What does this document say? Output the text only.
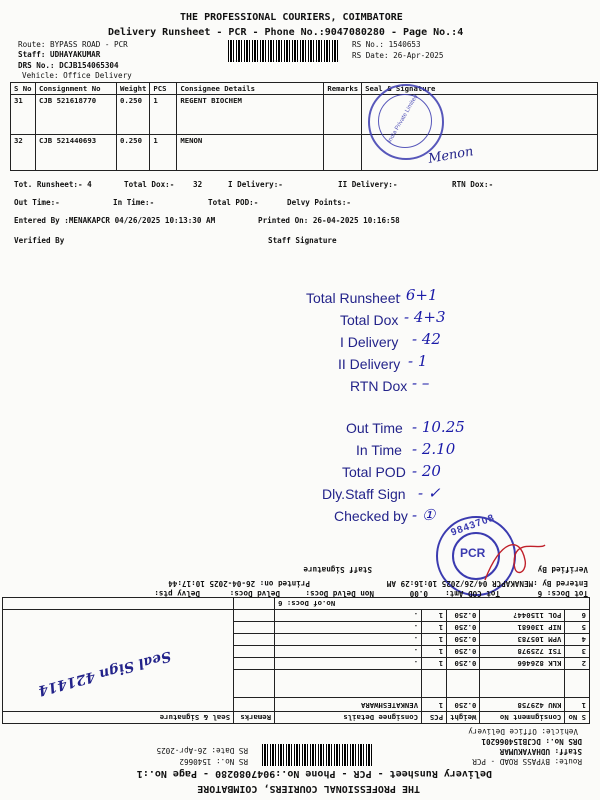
THE PROFESSIONAL COURIERS, COIMBATORE
Delivery Runsheet - PCR - Phone No.:9047080280 - Page No.:4
Route: BYPASS ROAD - PCR
Staff: UDHAYAKUMAR
DRS No.: DCJB154065304
Vehicle: Office Delivery
RS No.: 1540653
RS Date: 26-Apr-2025
S No	Consignment No	Weight	PCS	Consignee Details	Remarks	Seal & Signature
31	CJB 521618770	0.250	1	REGENT BIOCHEM		
32	CJB 521440693	0.250	1	MENON			India Private Limited
Menon
Tot. Runsheet:- 4	Total Dox:- 32	I Delivery:-	II Delivery:-	RTN Dox:-
Out Time:-	In Time:-	Total POD:-	Delvy Points:-
Entered By :MENAKAPCR 04/26/2025 10:13:30 AM	Printed On: 26-04-2025 10:16:58
Verified By	Staff Signature
Total Runsheet
- 6+1
Total Dox - 4+3
I Delivery - 42
II Delivery - 1
RTN Dox - –
Out Time - 10.25
In Time - 2.10
Total POD - 20
Dly.Staff Sign - ✓
Checked by - ①
PCR
9843708
THE PROFESSIONAL COURIERS, COIMBATORE
Delivery Runsheet - PCR - Phone No.:9047080280 - Page No.:1
Route: BYPASS ROAD - PCR
Staff: UDHAYAKUMAR
DRS No.: DCJB154066201
Vehicle: Office Delivery
RS No.: 1540662
RS Date: 26-Apr-2025
S No	Consignment No	Weight	PCS	Consignee Details	Remarks	Seal & Signature
1	KNU 429758	0.250	1	VENKATESHWARA		Seal Sign 421414

2	KLK 826466	0.250	1	.		
3	TSI 725978	0.250	1	.		
4	VPM 105783	0.250	1	.		
5	NIP 130681	0.250	1	.		
6	POL 115044?	0.250	1	.		
No.of Docs: 6						
Tot Docs: 6
Tot COD Amt:
0.00
Non Delvd Docs:
Delvd Docs:
Delvy pts:
Entered By :MENAKAPCR 04/26/2025 10:16:29 AM
Printed on: 26-04-2025 10:17:44
Verified By
Staff Signature
